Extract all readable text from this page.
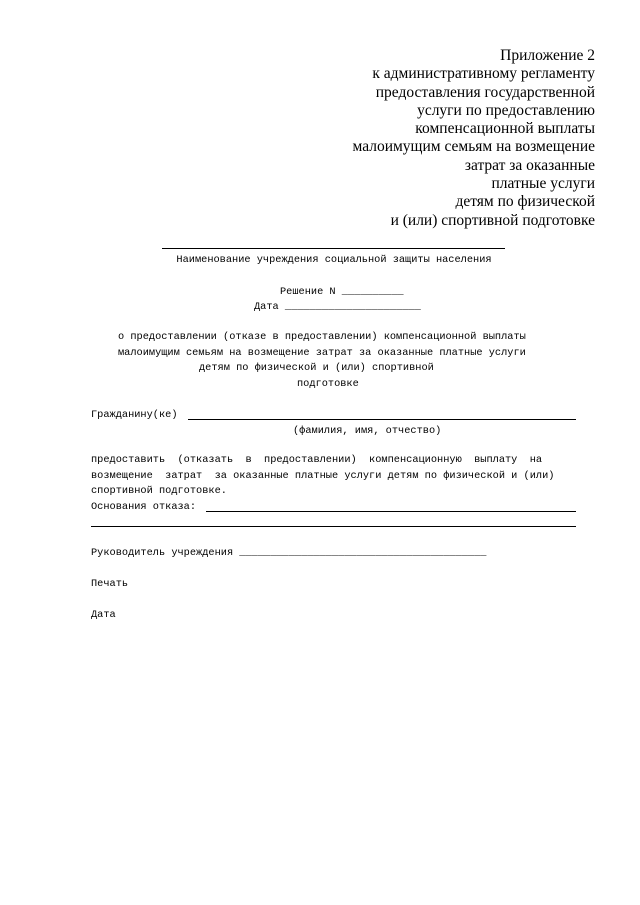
Приложение 2
к административному регламенту
предоставления государственной
услуги по предоставлению
компенсационной выплаты
малоимущим семьям на возмещение
затрат за оказанные
платные услуги
детям по физической
и (или) спортивной подготовке
Наименование учреждения социальной защиты населения
Решение N __________
Дата ______________________
о предоставлении (отказе в предоставлении) компенсационной выплаты
малоимущим семьям на возмещение затрат за оказанные платные услуги
детям по физической и (или) спортивной
подготовке
Гражданину(ке)
(фамилия, имя, отчество)
предоставить  (отказать  в  предоставлении)  компенсационную  выплату  на
возмещение  затрат  за оказанные платные услуги детям по физической и (или)
спортивной подготовке.
Основания отказа:
Руководитель учреждения ________________________________________
Печать
Дата
